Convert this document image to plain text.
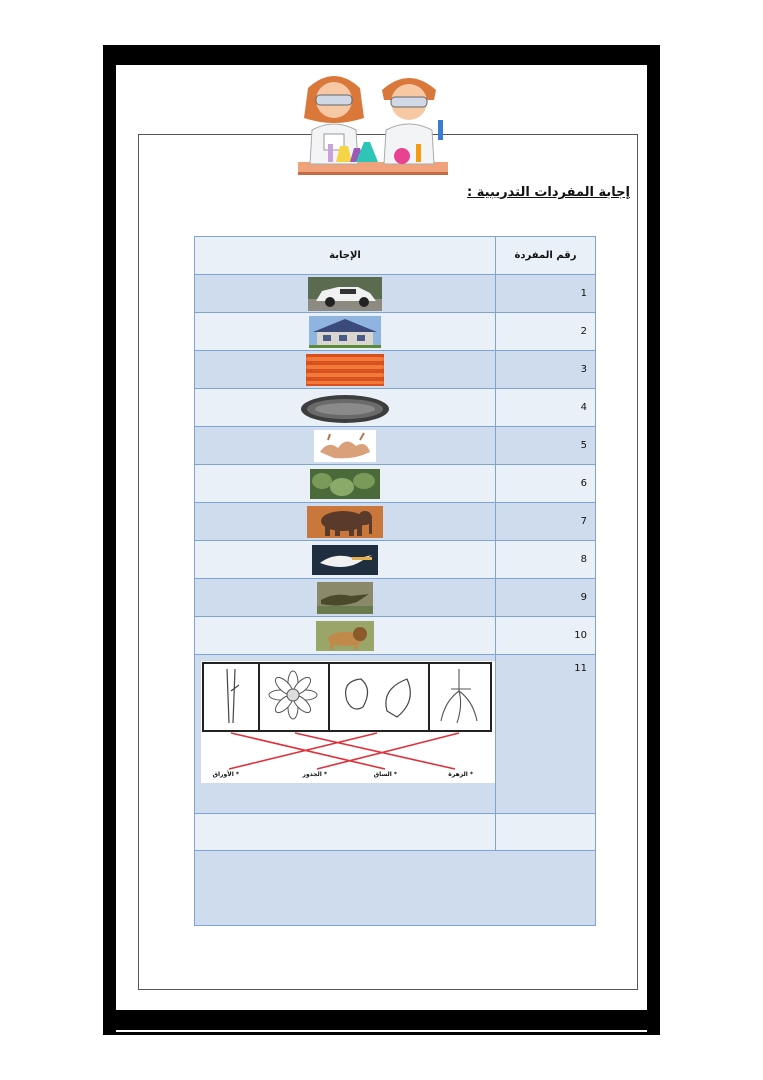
إجابة المفردات التدريبية :
رقم المفردة	الإجابة
1	
2	
3	
4	
5	
6	
7	
8	
9	
10	
11	* الزهرة
* الساق
* الجذور
* الأوراق
